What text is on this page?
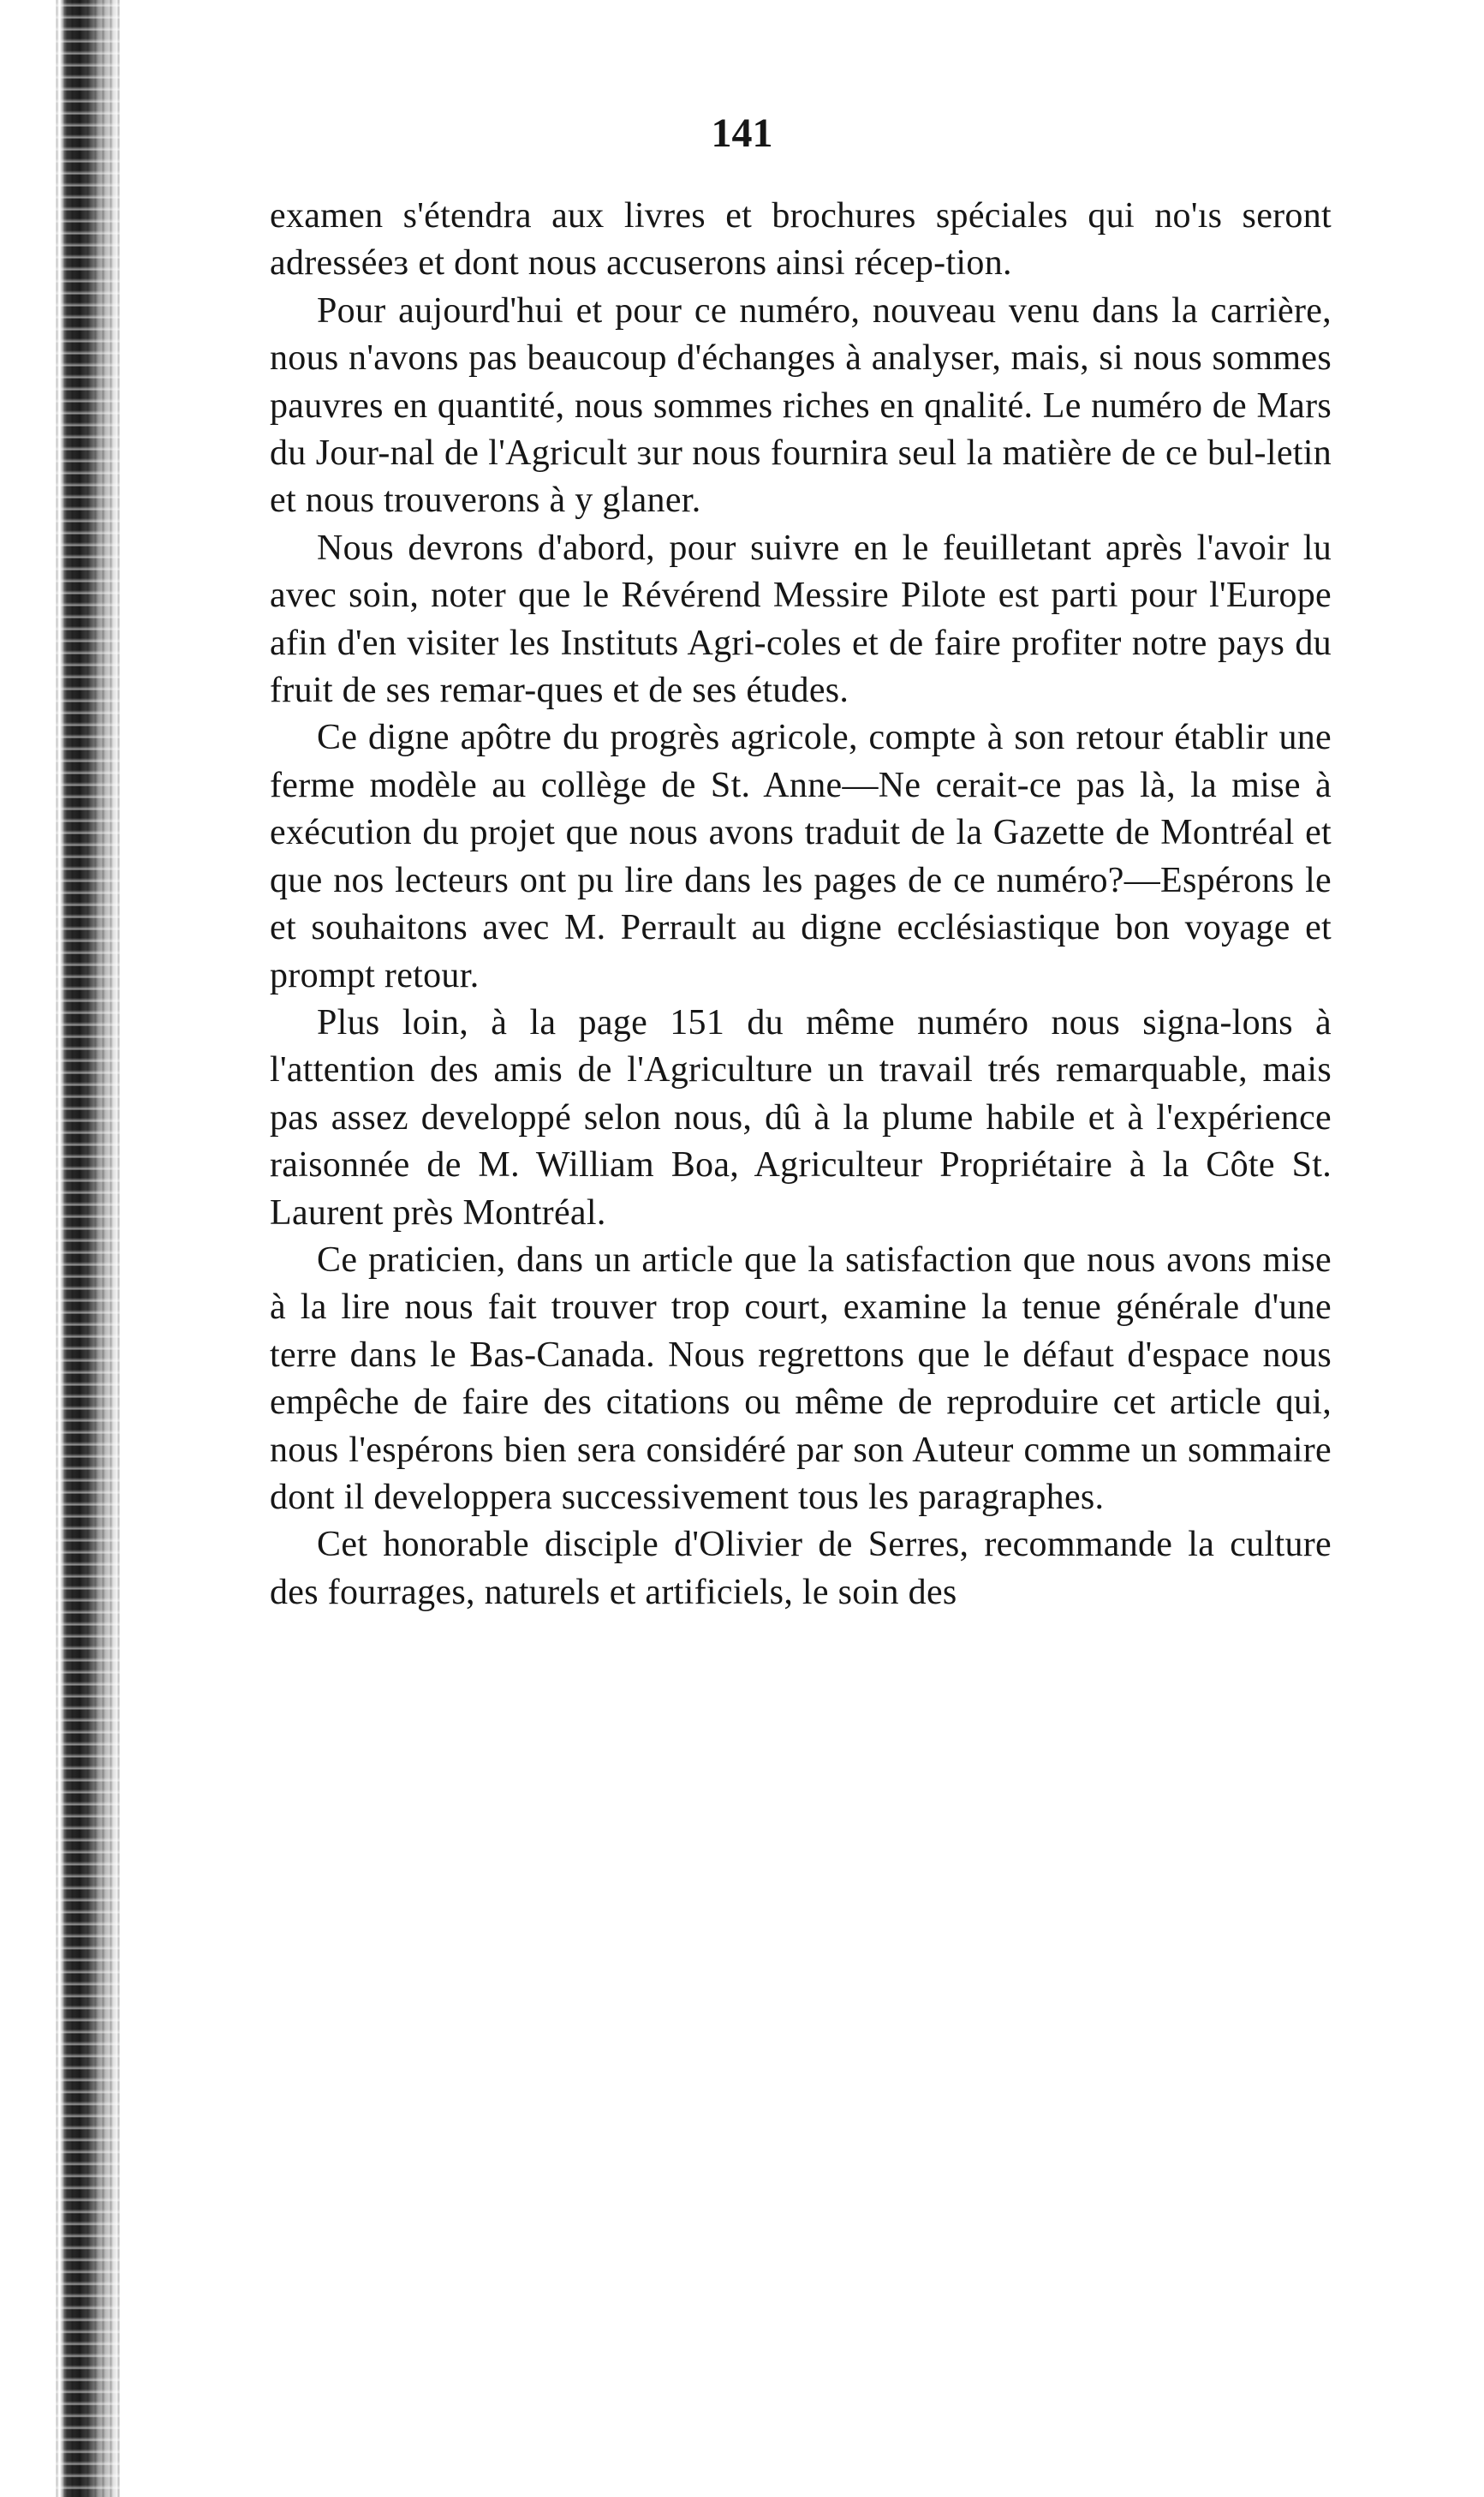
141

examen s'étendra aux livres et brochures spéciales qui no'ıs seront adresséeɜ et dont nous accuserons ainsi récep-tion.

Pour aujourd'hui et pour ce numéro, nouveau venu dans la carrière, nous n'avons pas beaucoup d'échanges à analyser, mais, si nous sommes pauvres en quantité, nous sommes riches en qnalité. Le numéro de Mars du Jour-nal de l'Agricult ɜur nous fournira seul la matière de ce bul-letin et nous trouverons à y glaner.

Nous devrons d'abord, pour suivre en le feuilletant après l'avoir lu avec soin, noter que le Révérend Messire Pilote est parti pour l'Europe afin d'en visiter les Instituts Agri-coles et de faire profiter notre pays du fruit de ses remar-ques et de ses études.

Ce digne apôtre du progrès agricole, compte à son retour établir une ferme modèle au collège de St. Anne—Ne cerait-ce pas là, la mise à exécution du projet que nous avons traduit de la Gazette de Montréal et que nos lecteurs ont pu lire dans les pages de ce numéro?—Espérons le et souhaitons avec M. Perrault au digne ecclésiastique bon voyage et prompt retour.

Plus loin, à la page 151 du même numéro nous signa-lons à l'attention des amis de l'Agriculture un travail trés remarquable, mais pas assez developpé selon nous, dû à la plume habile et à l'expérience raisonnée de M. William Boa, Agriculteur Propriétaire à la Côte St. Laurent près Montréal.

Ce praticien, dans un article que la satisfaction que nous avons mise à la lire nous fait trouver trop court, examine la tenue générale d'une terre dans le Bas-Canada. Nous regrettons que le défaut d'espace nous empêche de faire des citations ou même de reproduire cet article qui, nous l'espérons bien sera considéré par son Auteur comme un sommaire dont il developpera successivement tous les paragraphes.

Cet honorable disciple d'Olivier de Serres, recommande la culture des fourrages, naturels et artificiels, le soin des
